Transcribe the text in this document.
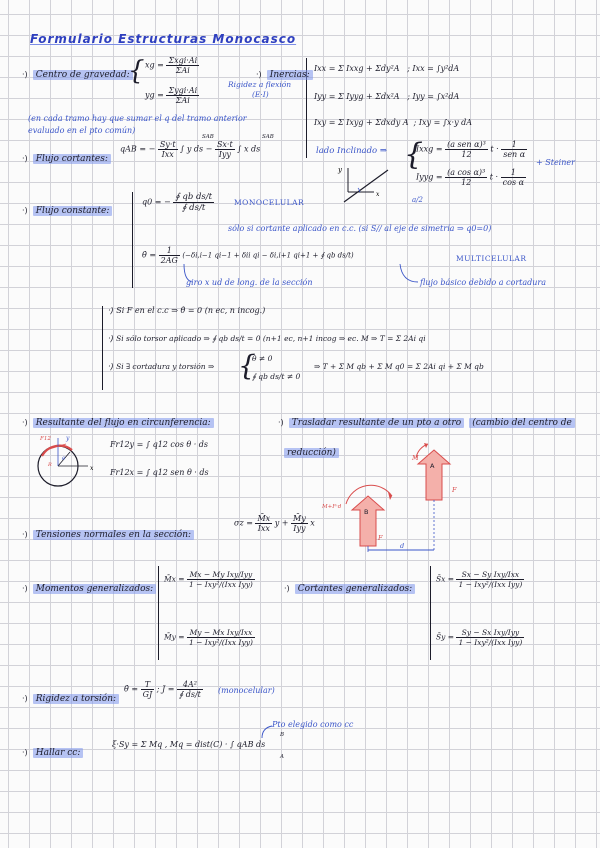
Formulario Estructuras Monocasco
·) Centro de gravedad:
{ xg = $\frac{\text{Σxgi·Ai}}{\text{ΣAi}}$
yg = $\frac{\text{Σygi·Ai}}{\text{ΣAi}}$
·) Inercias:
Rigidez a flexión
(E·I)
Ixx = Σ Ixxg + Σdy²A ; Ixx = ∫y²dA
Iyy = Σ Iyyg + Σdx²A ; Iyy = ∫x²dA
Ixy = Σ Ixyg + Σdxdy A ; Ixy = ∫x·y dA
(en cada tramo hay que sumar el q del tramo anterior
evaluado en el pto común)
·) Flujo cortantes:
qAB = − $\frac{Sy\cdot t}{\text{Ixx}}$ ∫ y ds − $\frac{Sx\cdot t}{\text{Iyy}}$ ∫ x ds
SAB	SAB
lado Inclinado ⇒ {
Ixxg = $\frac{\text{(a sen α)³}}{12}$ $t \cdot \frac{1}{\text{sen α}}$
Iyyg = $\frac{\text{(a cos α)³}}{12}$ $t \cdot \frac{1}{\text{cos α}}$
+ Steiner
y
x
a/2
·) Flujo constante:
q0 = − $\frac{\text{∮ qb ds/t}}{∮ ds/t}$	MONOCELULAR
sólo si cortante aplicado en c.c. (si S// al eje de simetría ⇒ q0=0)
θ̇ = $\frac{1}{2AG} (-\delta i,i-1$ qi−1 + δii qi − δi,i+1 qi+1 + ∮ qb ds/t)	MULTICELULAR
giro x ud de long. de la sección	flujo básico debido a cortadura
·) Si F en el c.c ⇒ θ̇ = 0 (n ec, n incog.)
·) Si sólo torsor aplicado ⇒ ∮ qb ds/t = 0 (n+1 ec, n+1 incog ⇒ ec. M ⇒ T = Σ 2Ai qi
·) Si ∃ cortadura y torsión ⇒ {
θ̇ ≠ 0
∮ qb ds/t ≠ 0
⇒ T + Σ M qb + Σ M q0 = Σ 2Ai qi + Σ M qb
·) Resultante del flujo en circunferencia:
F12	y
x
θ
R
Fr12y = ∫ q12 cos θ · ds
Fr12x = ∫ q12 sen θ · ds
·) Trasladar resultante de un pto a otro (cambio del centro de
reducción)
A
M
F
B
M+F·d
F
d
·) Tensiones normales en la sección:
$\sigma z = \frac{M̄x}{\text{Ixx}}$ $y + \frac{M̄y}{\text{Iyy}}$ x
·) Momentos generalizados:
M̄x = $\frac{\text{Mx − My Ixy/Iyy}}{\text{1 − Ixy²/(Ixx Iyy)}}$
M̄y = $\frac{\text{My − Mx Ixy/Ixx}}{\text{1 − Ixy²/(Ixx Iyy)}}$
·) Cortantes generalizados:
S̄x = $\frac{\text{Sx − Sy Ixy/Ixx}}{\text{1 − Ixy²/(Ixx Iyy)}}$
S̄y = $\frac{\text{Sy − Sx Ixy/Iyy}}{\text{1 − Ixy²/(Ixx Iyy)}}$
·) Rigidez a torsión:
θ̇ = $\frac{T}{GJ}$ ; $J = \frac{\text{4A²}}{∮ ds/t}$ (monocelular)
·) Hallar cc:
ξ·Sy = Σ Mq , Mq = dist(C) · ∫ qAB ds
Pto elegido como cc
B
A
